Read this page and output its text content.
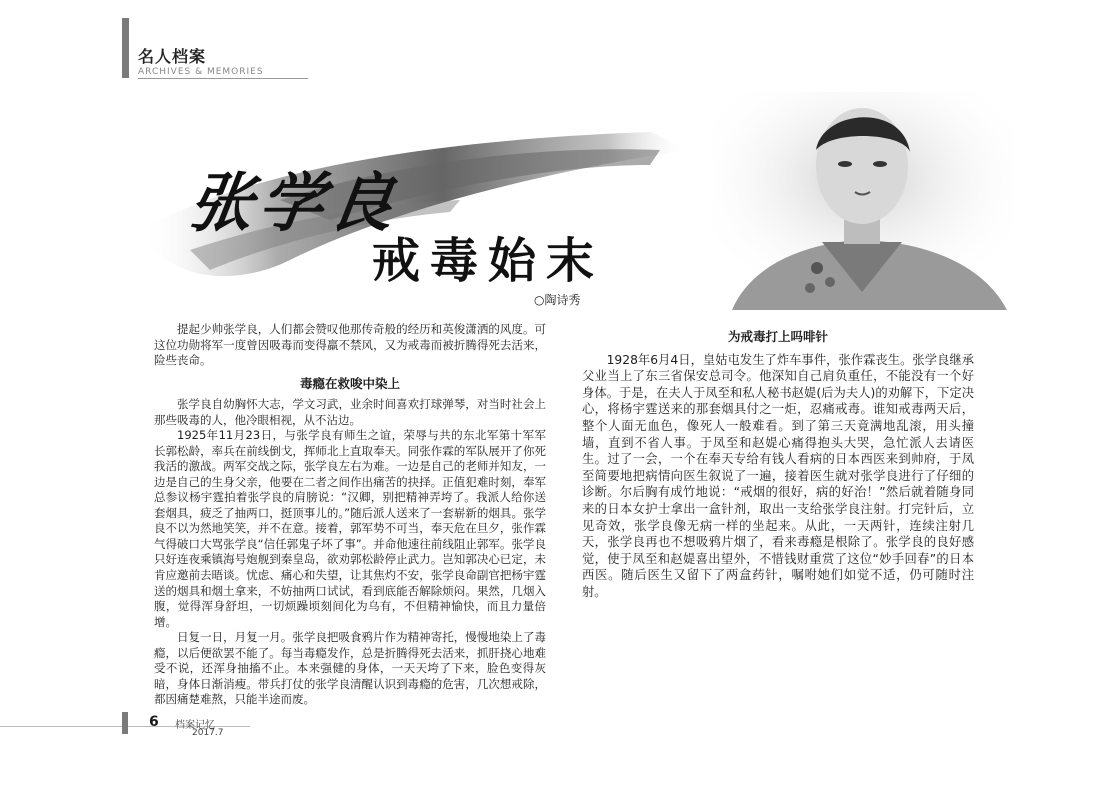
名人档案
ARCHIVES & MEMORIES
张学良
戒毒始末
○陶诗秀

提起少帅张学良，人们都会赞叹他那传奇般的经历和英俊潇洒的风度。可这位功勋将军一度曾因吸毒而变得羸不禁风，又为戒毒而被折腾得死去活来，险些丧命。

毒瘾在救唆中染上

张学良自幼胸怀大志，学文习武，业余时间喜欢打球弹琴，对当时社会上那些吸毒的人，他冷眼相视，从不沾边。

1925年11月23日，与张学良有师生之谊，荣辱与共的东北军第十军军长郭松龄，率兵在前线倒戈，挥师北上直取奉天。同张作霖的军队展开了你死我活的激战。两军交战之际，张学良左右为难。一边是自己的老师并知友，一边是自己的生身父亲，他要在二者之间作出痛苦的抉择。正值犯难时刻，奉军总参议杨宇霆拍着张学良的肩膀说：“汉卿，别把精神弄垮了。我派人给你送套烟具，疲乏了抽两口，挺顶事儿的。”随后派人送来了一套崭新的烟具。张学良不以为然地笑笑，并不在意。接着，郭军势不可当，奉天危在旦夕，张作霖气得破口大骂张学良“信任郭鬼子坏了事”。并命他速往前线阻止郭军。张学良只好连夜乘镇海号炮舰到秦皇岛，欲劝郭松龄停止武力。岂知郭决心已定，未肯应邀前去晤谈。忧虑、痛心和失望，让其焦灼不安，张学良命副官把杨宇霆送的烟具和烟土拿来，不妨抽两口试试，看到底能否解除烦闷。果然，几烟入腹，觉得浑身舒坦，一切烦躁顷刻间化为乌有，不但精神愉快，而且力量倍增。

日复一日，月复一月。张学良把吸食鸦片作为精神寄托，慢慢地染上了毒瘾，以后便欲罢不能了。每当毒瘾发作，总是折腾得死去活来，抓肝挠心地难受不说，还浑身抽搐不止。本来强健的身体，一天天垮了下来，脸色变得灰暗，身体日渐消瘦。带兵打仗的张学良清醒认识到毒瘾的危害，几次想戒除，都因痛楚难熬，只能半途而废。

为戒毒打上吗啡针

1928年6月4日，皇姑屯发生了炸车事件，张作霖丧生。张学良继承父业当上了东三省保安总司令。他深知自己肩负重任，不能没有一个好身体。于是，在夫人于凤至和私人秘书赵媞(后为夫人)的劝解下，下定决心，将杨宇霆送来的那套烟具付之一炬，忍痛戒毒。谁知戒毒两天后，整个人面无血色，像死人一般难看。到了第三天竟满地乱滚，用头撞墙，直到不省人事。于凤至和赵媞心痛得抱头大哭，急忙派人去请医生。过了一会，一个在奉天专给有钱人看病的日本西医来到帅府，于凤至简要地把病情向医生叙说了一遍，接着医生就对张学良进行了仔细的诊断。尔后胸有成竹地说：“戒烟的很好，病的好治！”然后就着随身同来的日本女护士拿出一盒针剂，取出一支给张学良注射。打完针后，立见奇效，张学良像无病一样的坐起来。从此，一天两针，连续注射几天，张学良再也不想吸鸦片烟了，看来毒瘾是根除了。张学良的良好感觉，使于凤至和赵媞喜出望外，不惜钱财重赏了这位“妙手回春”的日本西医。随后医生又留下了两盒药针，嘱咐她们如觉不适，仍可随时注射。

6 档案记忆
2017.7
